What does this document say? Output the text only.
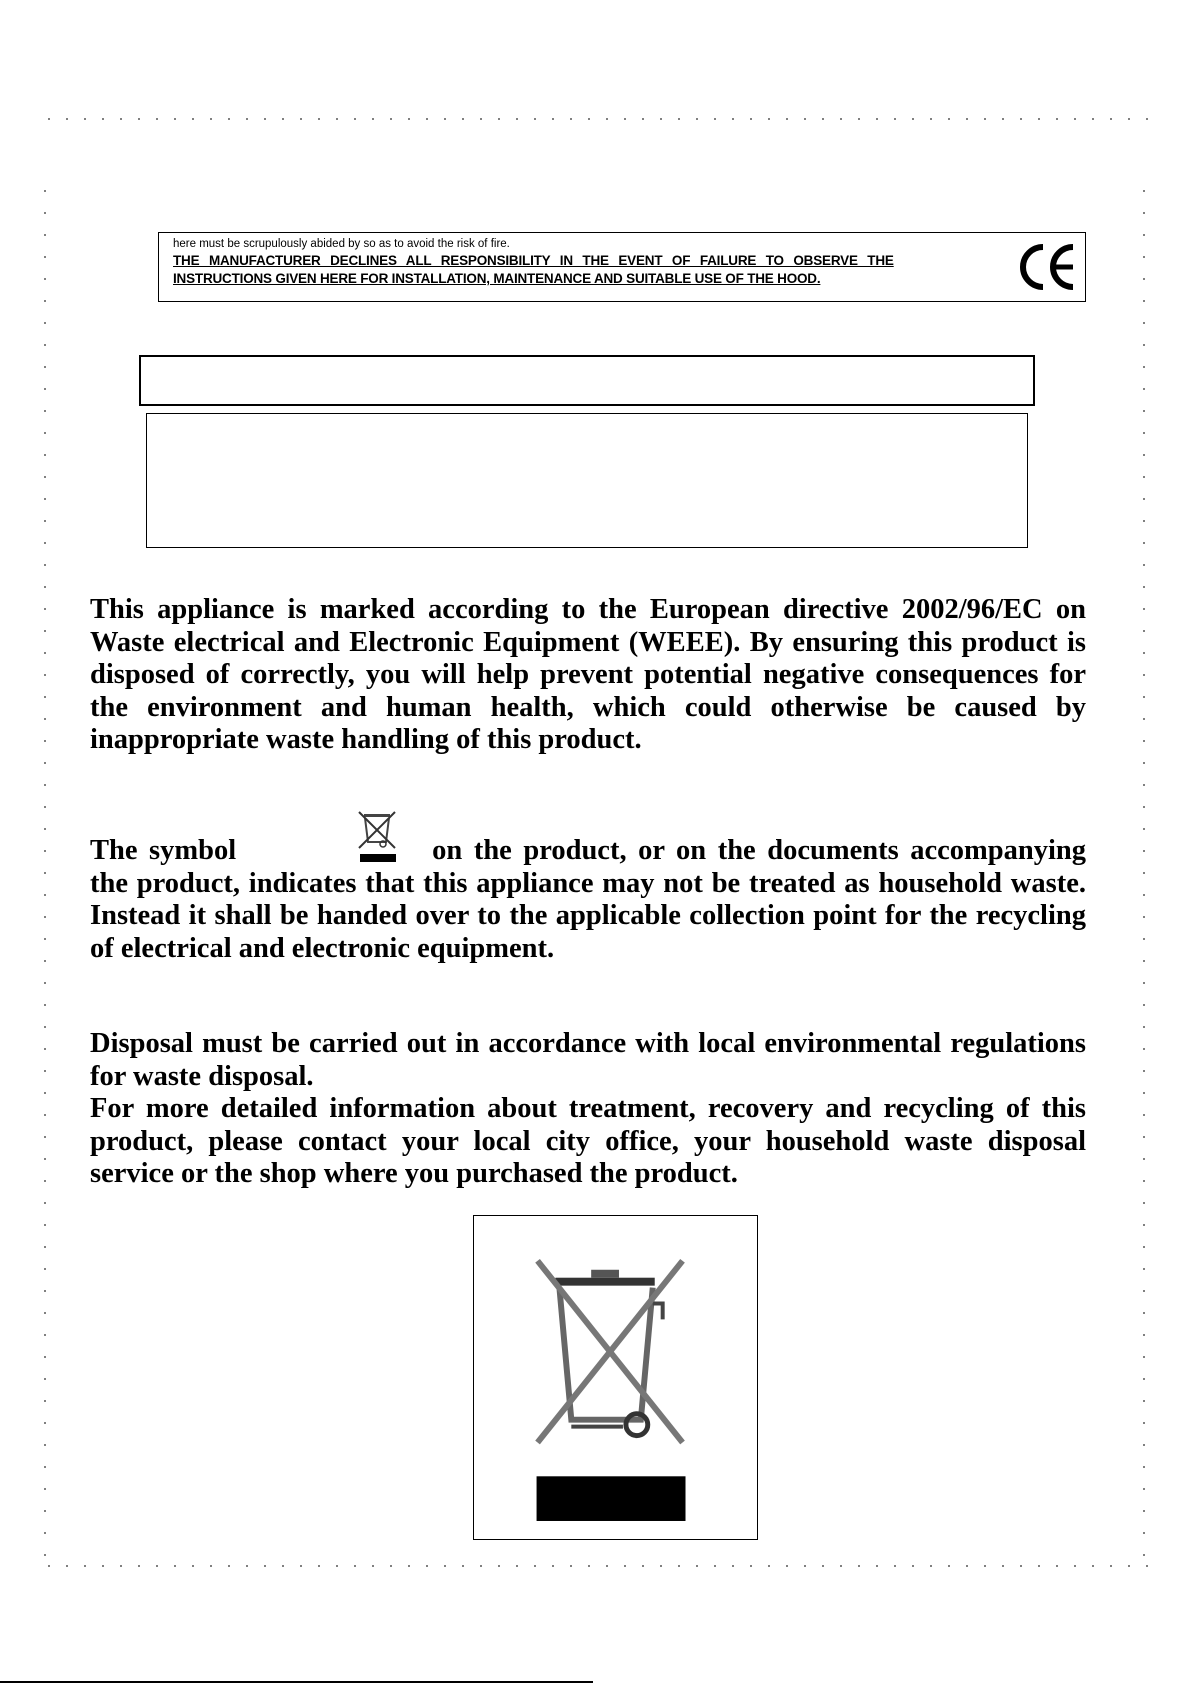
here must be scrupulously abided by so as to avoid the risk of fire.
THE MANUFACTURER DECLINES ALL RESPONSIBILITY IN THE EVENT OF FAILURE TO OBSERVE THE
INSTRUCTIONS GIVEN HERE FOR INSTALLATION, MAINTENANCE AND SUITABLE USE OF THE HOOD.

This appliance is marked according to the European directive 2002/96/EC on Waste electrical and Electronic Equipment (WEEE). By ensuring this product is disposed of correctly, you will help prevent potential negative consequences for the environment and human health, which could otherwise be caused by inappropriate waste handling of this product.

The symbol	on the product, or on the documents accompanying the product, indicates that this appliance may not be treated as household waste. Instead it shall be handed over to the applicable collection point for the recycling of electrical and electronic equipment.

Disposal must be carried out in accordance with local environmental regulations for waste disposal.

For more detailed information about treatment, recovery and recycling of this product, please contact your local city office, your household waste disposal service or the shop where you purchased the product.
